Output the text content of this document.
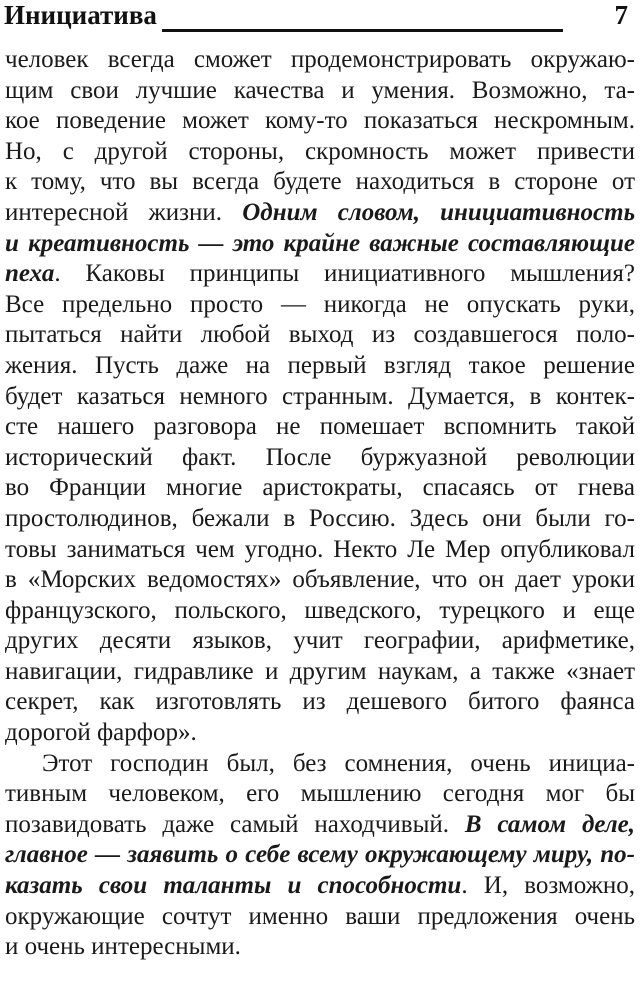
Инициатива	7
человек всегда сможет продемонстрировать окружаю-
щим свои лучшие качества и умения. Возможно, та-
кое поведение может кому-то показаться нескромным.
Но, с другой стороны, скромность может привести
к тому, что вы всегда будете находиться в стороне от
интересной жизни. Одним словом, инициативность
и креативность — это крайне важные составляющие
пеха. Каковы принципы инициативного мышления?
Все предельно просто — никогда не опускать руки,
пытаться найти любой выход из создавшегося поло-
жения. Пусть даже на первый взгляд такое решение
будет казаться немного странным. Думается, в контек-
сте нашего разговора не помешает вспомнить такой
исторический факт. После буржуазной революции
во Франции многие аристократы, спасаясь от гнева
простолюдинов, бежали в Россию. Здесь они были го-
товы заниматься чем угодно. Некто Ле Мер опубликовал
в «Морских ведомостях» объявление, что он дает уроки
французского, польского, шведского, турецкого и еще
других десяти языков, учит географии, арифметике,
навигации, гидравлике и другим наукам, а также «знает
секрет, как изготовлять из дешевого битого фаянса
дорогой фарфор».
Этот господин был, без сомнения, очень инициа-
тивным человеком, его мышлению сегодня мог бы
позавидовать даже самый находчивый. В самом деле,
главное — заявить о себе всему окружающему миру, по-
казать свои таланты и способности. И, возможно,
окружающие сочтут именно ваши предложения очень
и очень интересными.
